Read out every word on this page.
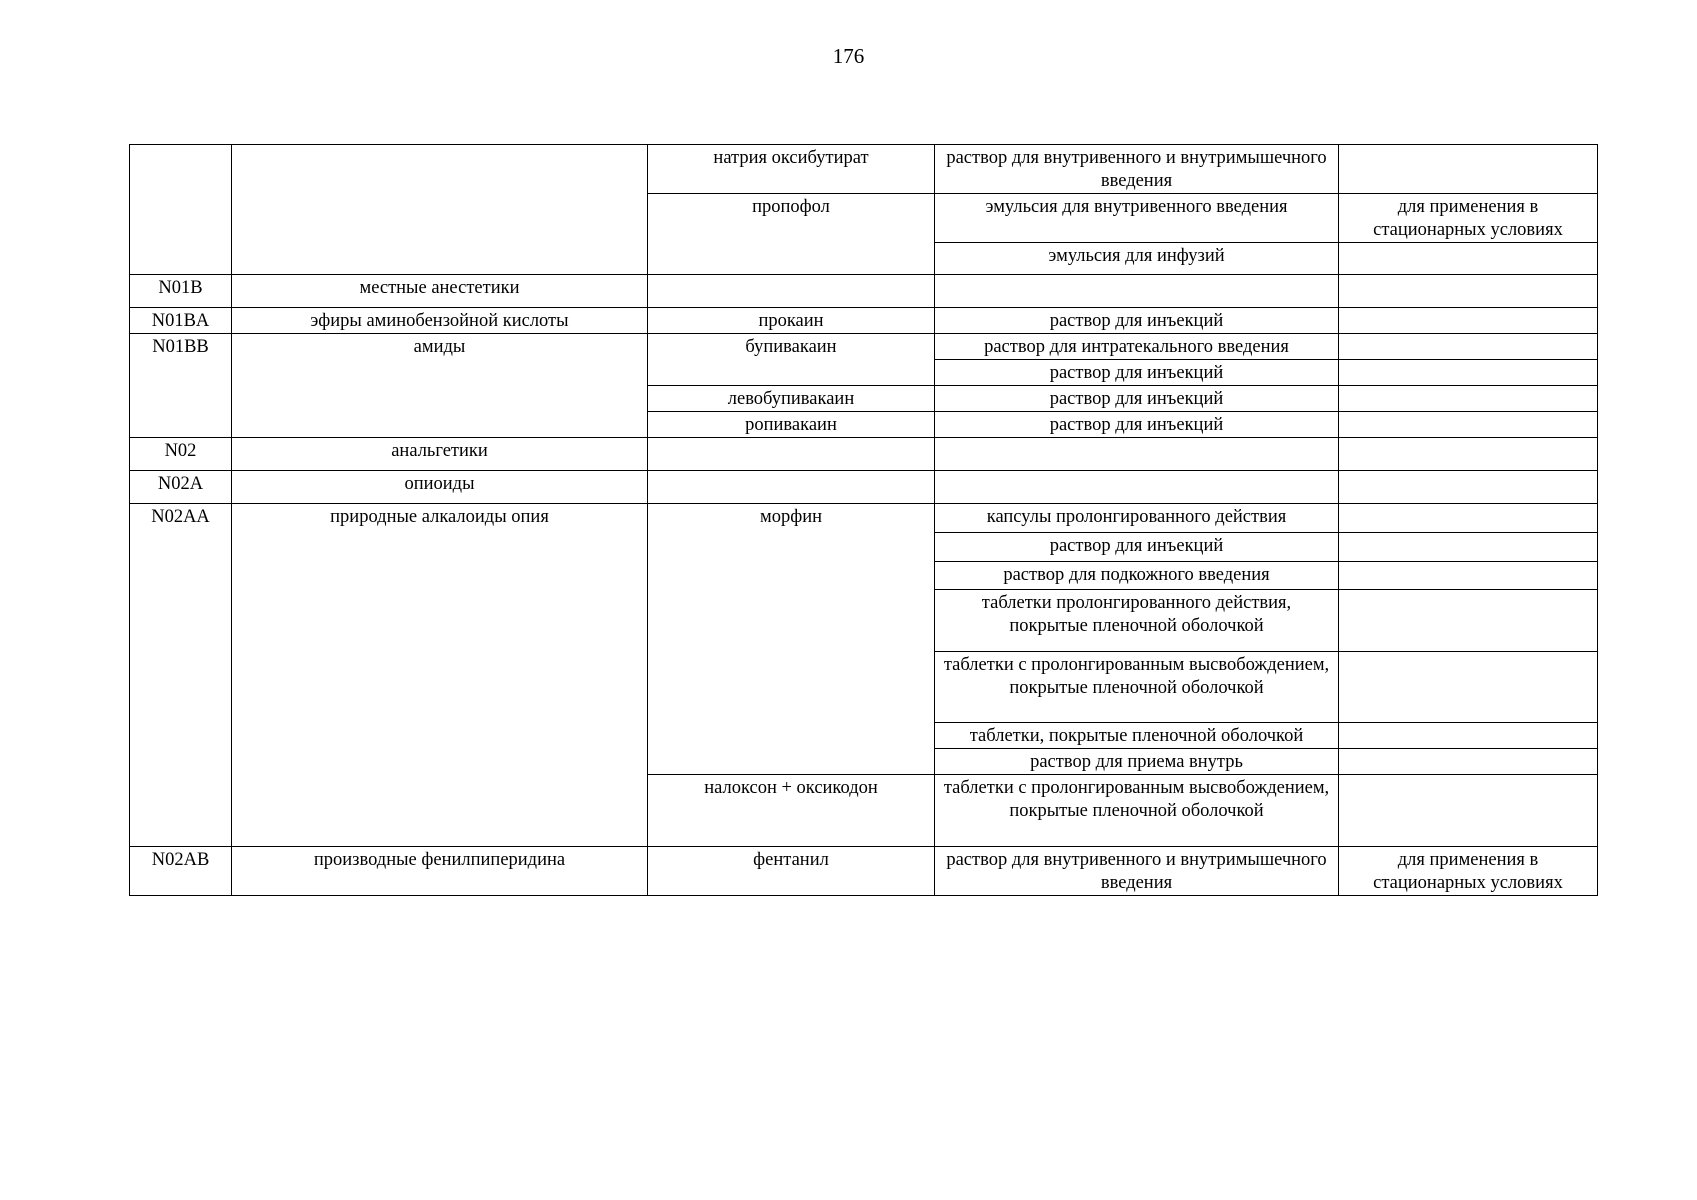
176
		натрия оксибутират	раствор для внутривенного и внутримышечного введения	
		пропофол	эмульсия для внутривенного введения	для применения в стационарных условиях
			эмульсия для инфузий	
N01B	местные анестетики			
N01BA	эфиры аминобензойной кислоты	прокаин	раствор для инъекций	
N01BB	амиды	бупивакаин	раствор для интратекального введения	
			раствор для инъекций	
		левобупивакаин	раствор для инъекций	
		ропивакаин	раствор для инъекций	
N02	анальгетики			
N02A	опиоиды			
N02AA	природные алкалоиды опия	морфин	капсулы пролонгированного действия	
			раствор для инъекций	
			раствор для подкожного введения	
			таблетки пролонгированного действия, покрытые пленочной оболочкой	
			таблетки с пролонгированным высвобождением, покрытые пленочной оболочкой	
			таблетки, покрытые пленочной оболочкой	
			раствор для приема внутрь	
		налоксон + оксикодон	таблетки с пролонгированным высвобождением, покрытые пленочной оболочкой	
N02AB	производные фенилпиперидина	фентанил	раствор для внутривенного и внутримышечного введения	для применения в стационарных условиях
